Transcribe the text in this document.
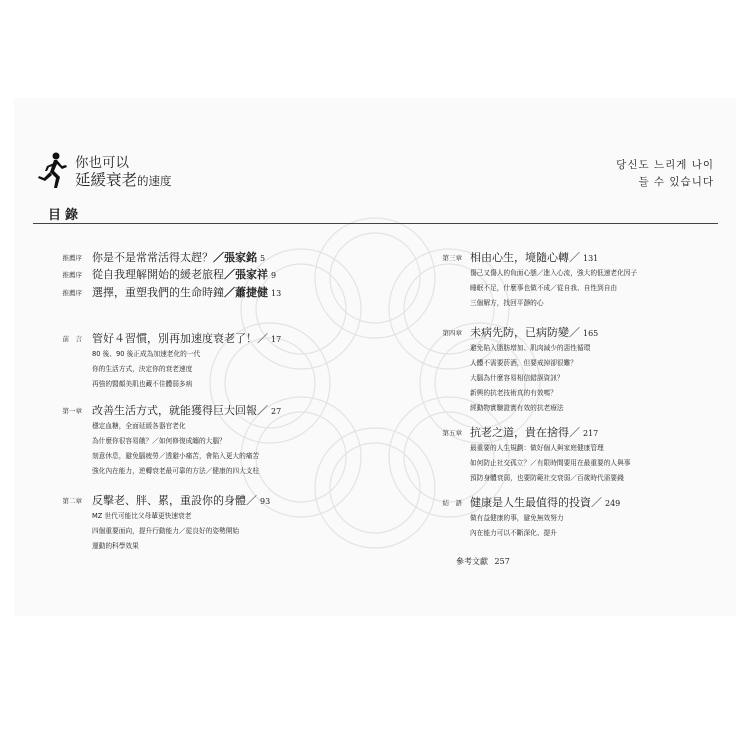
你也可以
延緩衰老的速度
당신도 느리게 나이
들 수 있습니다
目錄
推薦序 你是不是常常活得太趕？／張家銘 5
推薦序 從自我理解開始的緩老旅程／張家祥 9
推薦序 選擇，重塑我們的生命時鐘／蕭捷健 13
前　言 管好４習慣，別再加速度衰老了！／ 17
80 後、90 後正成為加速老化的一代
你的生活方式，決定你的衰老速度
再強的醫顏美肌也藏不住體弱多病
第一章 改善生活方式，就能獲得巨大回報／ 27
穩定血糖，全面延緩各器官老化
為什麼你很容易餓？／如何修復成纏的大腦？
刻意休息，避免腦疲勞／透避小痛苦，會陷入更大的痛苦
強化內在能力，逆轉衰老最可靠的方法／健康的四大支柱
第二章 反擊老、胖、累，重設你的身體／ 93
MZ 世代可能比父母輩更快速衰老
四個重要面向，提升行動能力／從良好的姿勢開始
運動的科學效果
第三章 相由心生，境隨心轉／ 131
傷己又傷人的負面心態／進入心流，強大的低速老化因子
睡眠不足，什麼事也做不成／從自我、自性到自由
三個解方，找回平靜的心
第四章 未病先防，已病防變／ 165
避免陷入脂肪增加、肌肉減少的惡性循環
人體不需要菸酒，但要戒掉卻很難？
大腦為什麼容易相信錯誤資訊？
新興的抗老技術真的有效嗎？
經動物實驗證實有效的抗老療法
第五章 抗老之道，貴在捨得／ 217
最重要的人生規劃：做好個人與家庭健康管理
如何防止社交孤立？／有限時間要用在最重要的人與事
預防身體衰弱，也要防範社交衰弱／百歲時代需要錢
結　語 健康是人生最值得的投資／ 249
做有益健康的事，避免無效努力
內在能力可以不斷深化、提升
參考文獻 257
